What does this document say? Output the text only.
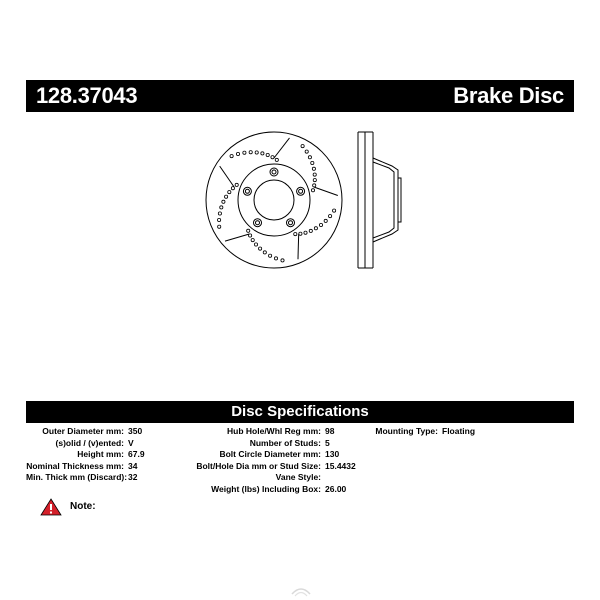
128.37043	Brake Disc
Disc Specifications
Outer Diameter mm: 350
(s)olid / (v)ented: V
Height mm: 67.9
Nominal Thickness mm: 34
Min. Thick mm (Discard):32
Hub Hole/Whl Reg mm: 98
Number of Studs: 5
Bolt Circle Diameter mm: 130
Bolt/Hole Dia mm or Stud Size: 15.4432
Vane Style:
Weight (lbs) Including Box: 26.00
Mounting Type: Floating
Note:
